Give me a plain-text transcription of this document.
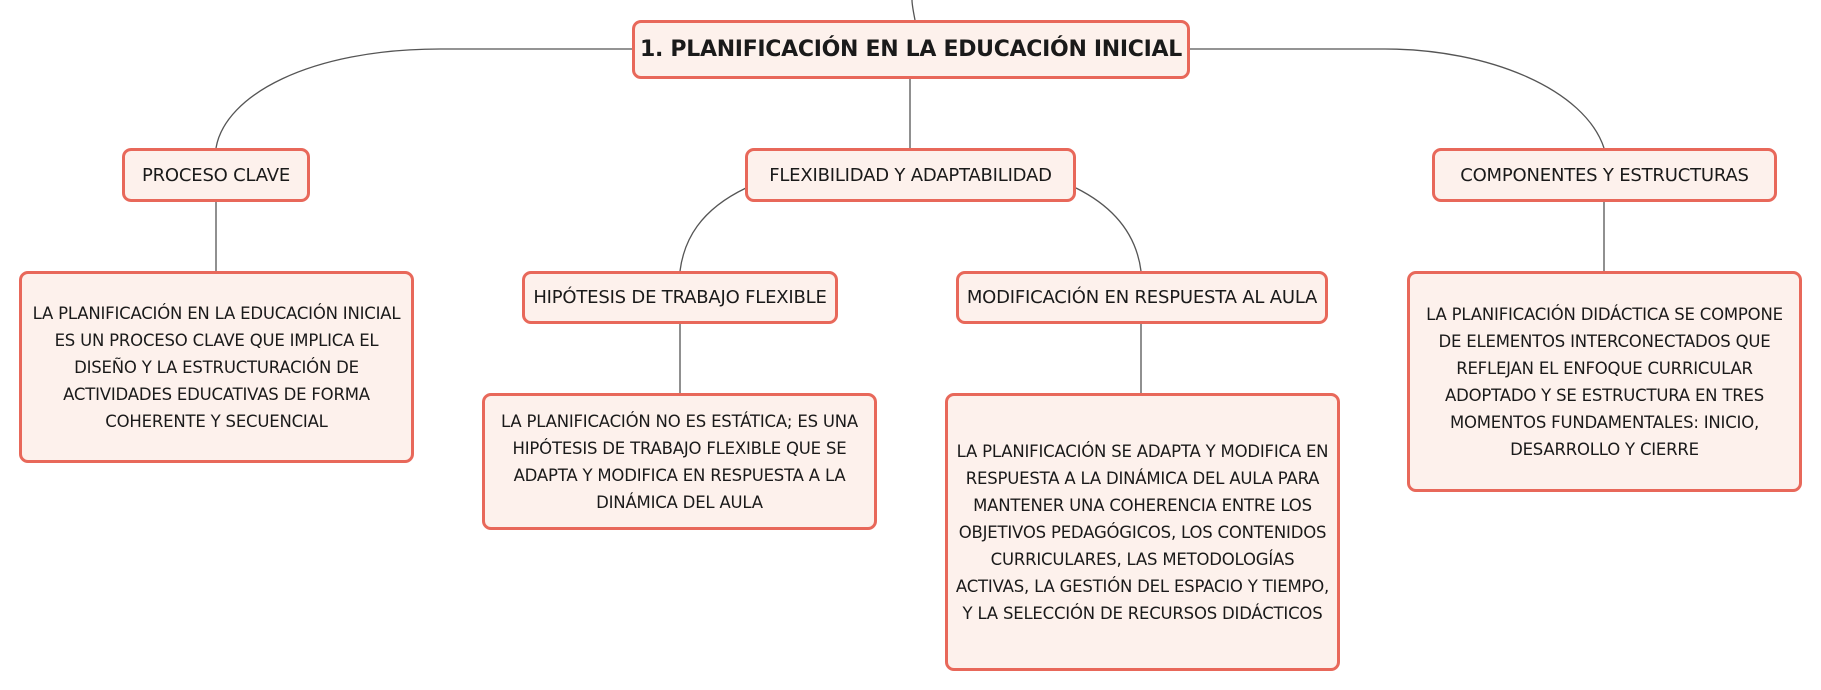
1. PLANIFICACIÓN EN LA EDUCACIÓN INICIAL
PROCESO CLAVE	FLEXIBILIDAD Y ADAPTABILIDAD	COMPONENTES Y ESTRUCTURAS
LA PLANIFICACIÓN EN LA EDUCACIÓN INICIAL ES UN PROCESO CLAVE QUE IMPLICA EL DISEÑO Y LA ESTRUCTURACIÓN DE ACTIVIDADES EDUCATIVAS DE FORMA COHERENTE Y SECUENCIAL
HIPÓTESIS DE TRABAJO FLEXIBLE	MODIFICACIÓN EN RESPUESTA AL AULA
LA PLANIFICACIÓN DIDÁCTICA SE COMPONE DE ELEMENTOS INTERCONECTADOS QUE REFLEJAN EL ENFOQUE CURRICULAR ADOPTADO Y SE ESTRUCTURA EN TRES MOMENTOS FUNDAMENTALES: INICIO, DESARROLLO Y CIERRE
LA PLANIFICACIÓN NO ES ESTÁTICA; ES UNA HIPÓTESIS DE TRABAJO FLEXIBLE QUE SE ADAPTA Y MODIFICA EN RESPUESTA A LA DINÁMICA DEL AULA
LA PLANIFICACIÓN SE ADAPTA Y MODIFICA EN RESPUESTA A LA DINÁMICA DEL AULA PARA MANTENER UNA COHERENCIA ENTRE LOS OBJETIVOS PEDAGÓGICOS, LOS CONTENIDOS CURRICULARES, LAS METODOLOGÍAS ACTIVAS, LA GESTIÓN DEL ESPACIO Y TIEMPO, Y LA SELECCIÓN DE RECURSOS DIDÁCTICOS
